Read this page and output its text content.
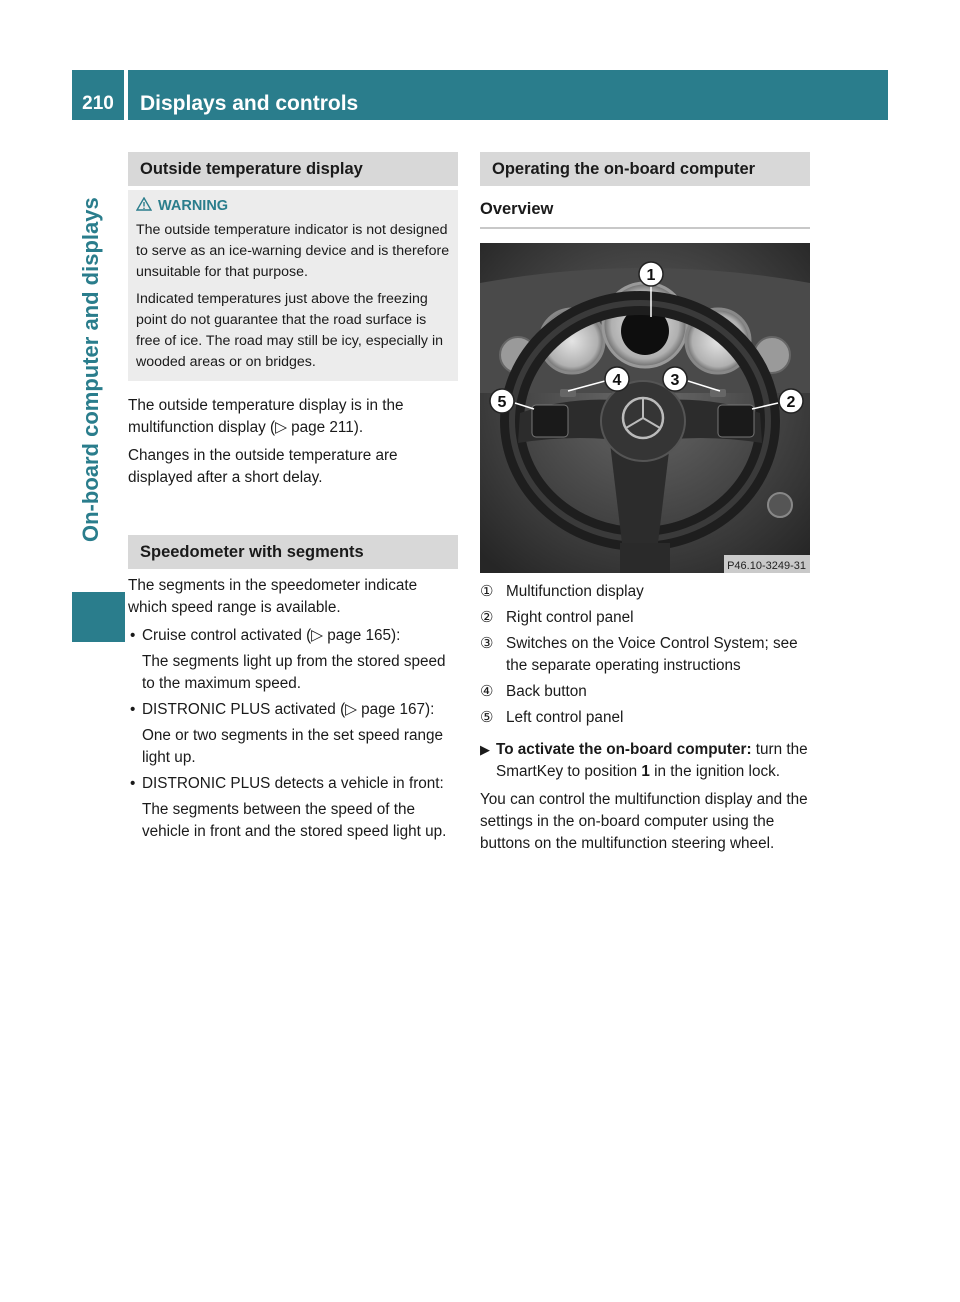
210	Displays and controls
On-board computer and displays
Outside temperature display
WARNING
The outside temperature indicator is not designed to serve as an ice-warning device and is therefore unsuitable for that purpose.
Indicated temperatures just above the freezing point do not guarantee that the road surface is free of ice. The road may still be icy, especially in wooded areas or on bridges.
The outside temperature display is in the multifunction display (▷ page 211).
Changes in the outside temperature are displayed after a short delay.
Speedometer with segments
The segments in the speedometer indicate which speed range is available.
• Cruise control activated (▷ page 165):
The segments light up from the stored speed to the maximum speed.
• DISTRONIC PLUS activated (▷ page 167):
One or two segments in the set speed range light up.
• DISTRONIC PLUS detects a vehicle in front:
The segments between the speed of the vehicle in front and the stored speed light up.
Operating the on-board computer
Overview
1
2
3
4
5
P46.10-3249-31
① Multifunction display
② Right control panel
③ Switches on the Voice Control System; see the separate operating instructions
④ Back button
⑤ Left control panel
▶ To activate the on-board computer: turn the SmartKey to position 1 in the ignition lock.
You can control the multifunction display and the settings in the on-board computer using the buttons on the multifunction steering wheel.
